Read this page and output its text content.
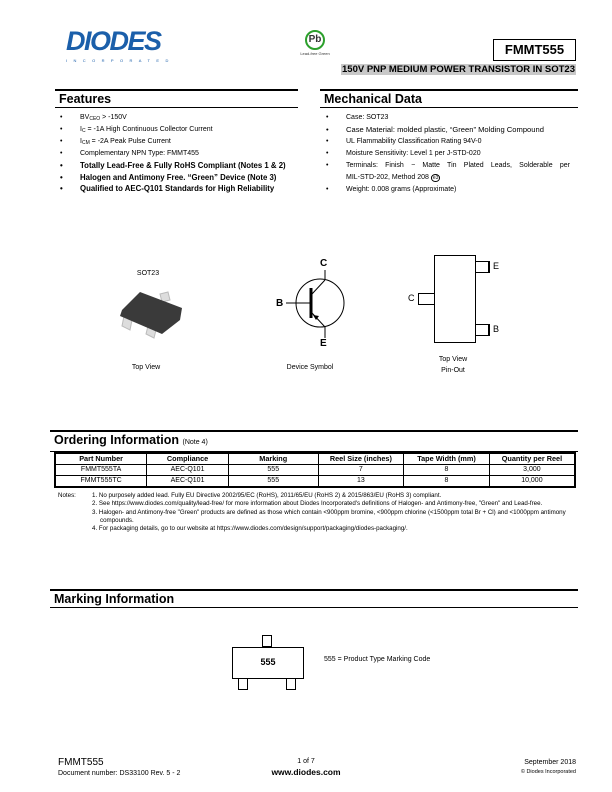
DIODES
INCORPORATED
Pb
Lead-free Green	FMMT555
150V PNP MEDIUM POWER TRANSISTOR IN SOT23
Features
• $BV_{CEO} > -150V$
• $I_C = -1A$ High Continuous Collector Current
• $I_{CM} = -2A$ Peak Pulse Current
• Complementary NPN Type: FMMT455
• Totally Lead-Free & Fully RoHS Compliant (Notes 1 & 2)
• Halogen and Antimony Free. “Green” Device (Note 3)
• Qualified to AEC-Q101 Standards for High Reliability
Mechanical Data
• Case: SOT23
• Case Material: molded plastic, “Green” Molding Compound
• UL Flammability Classification Rating 94V-0
• Moisture Sensitivity: Level 1 per J-STD-020
• Terminals: Finish − Matte Tin Plated Leads, Solderable per
MIL-STD-202, Method 208 e3
• Weight: 0.008 grams (Approximate)
SOT23
Top View
C
B
E
Device Symbol
C
E
B
Top View
Pin-Out
Ordering Information (Note 4)
Part Number	Compliance	Marking	Reel Size (inches)	Tape Width (mm)	Quantity per Reel
FMMT555TA	AEC-Q101	555	7	8	3,000
FMMT555TC	AEC-Q101	555	13	8	10,000
Notes:	1. No purposely added lead. Fully EU Directive 2002/95/EC (RoHS), 2011/65/EU (RoHS 2) & 2015/863/EU (RoHS 3) compliant.
2. See https://www.diodes.com/quality/lead-free/ for more information about Diodes Incorporated's definitions of Halogen- and Antimony-free, "Green" and Lead-free.
3. Halogen- and Antimony-free "Green" products are defined as those which contain <900ppm bromine, <900ppm chlorine (<1500ppm total Br + Cl) and <1000ppm antimony compounds.
4. For packaging details, go to our website at https://www.diodes.com/design/support/packaging/diodes-packaging/.
Marking Information
555	555 = Product Type Marking Code
FMMT555
Document number: DS33100 Rev. 5 - 2
1 of 7
www.diodes.com
September 2018
© Diodes Incorporated
